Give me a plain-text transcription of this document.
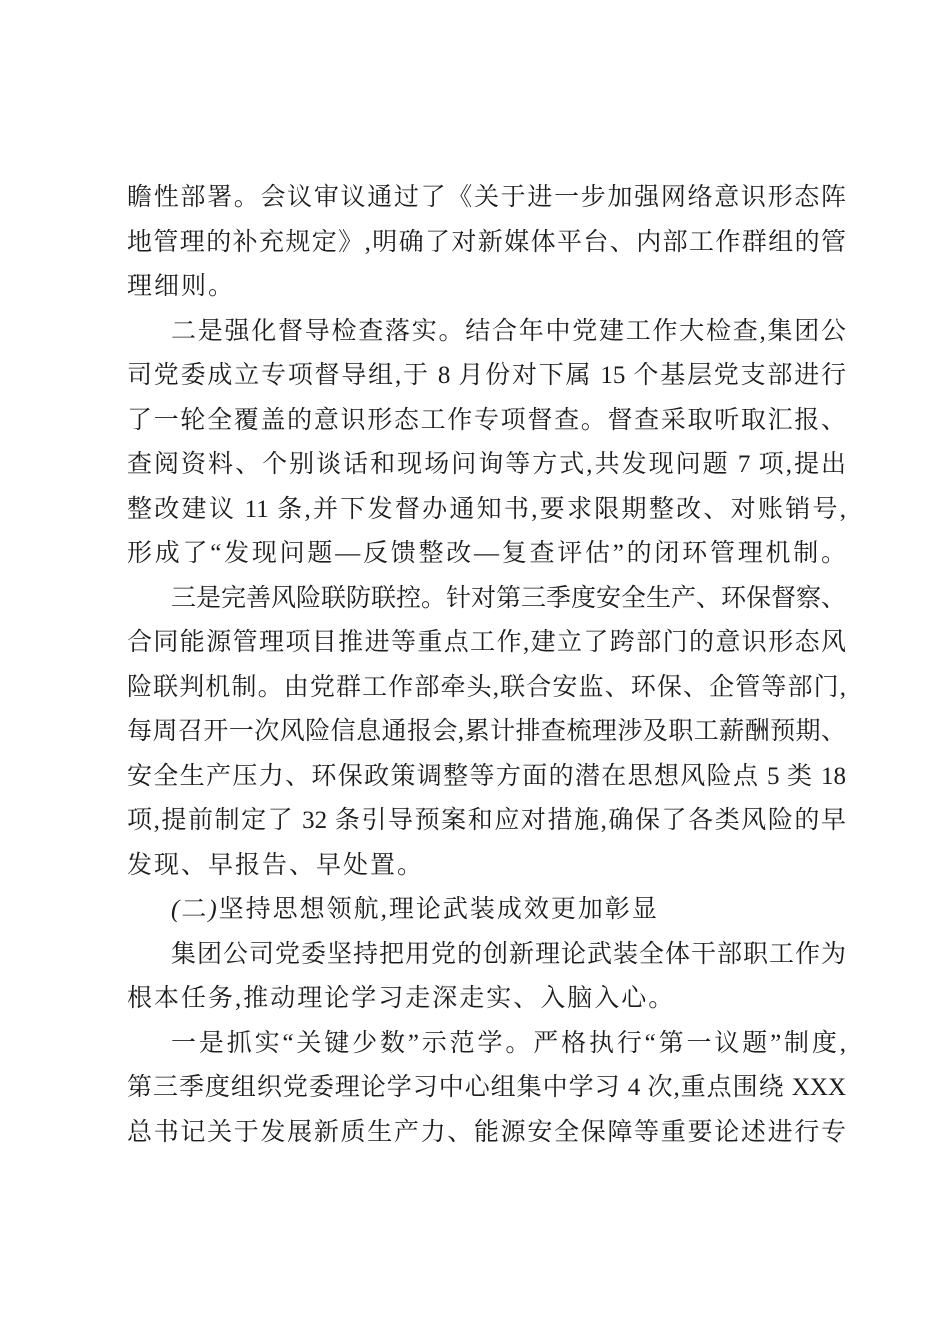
瞻性部署。会议审议通过了《关于进一步加强网络意识形态阵
地管理的补充规定》,明确了对新媒体平台、内部工作群组的管
理细则。
二是强化督导检查落实。结合年中党建工作大检查,集团公
司党委成立专项督导组,于 8 月份对下属 15 个基层党支部进行
了一轮全覆盖的意识形态工作专项督查。督查采取听取汇报、
查阅资料、个别谈话和现场问询等方式,共发现问题 7 项,提出
整改建议 11 条,并下发督办通知书,要求限期整改、对账销号,
形成了“发现问题—反馈整改—复查评估”的闭环管理机制。
三是完善风险联防联控。针对第三季度安全生产、环保督察、
合同能源管理项目推进等重点工作,建立了跨部门的意识形态风
险联判机制。由党群工作部牵头,联合安监、环保、企管等部门,
每周召开一次风险信息通报会,累计排查梳理涉及职工薪酬预期、
安全生产压力、环保政策调整等方面的潜在思想风险点 5 类 18
项,提前制定了 32 条引导预案和应对措施,确保了各类风险的早
发现、早报告、早处置。
(二)坚持思想领航,理论武装成效更加彰显
集团公司党委坚持把用党的创新理论武装全体干部职工作为
根本任务,推动理论学习走深走实、入脑入心。
一是抓实“关键少数”示范学。严格执行“第一议题”制度,
第三季度组织党委理论学习中心组集中学习 4 次,重点围绕 XXX
总书记关于发展新质生产力、能源安全保障等重要论述进行专
